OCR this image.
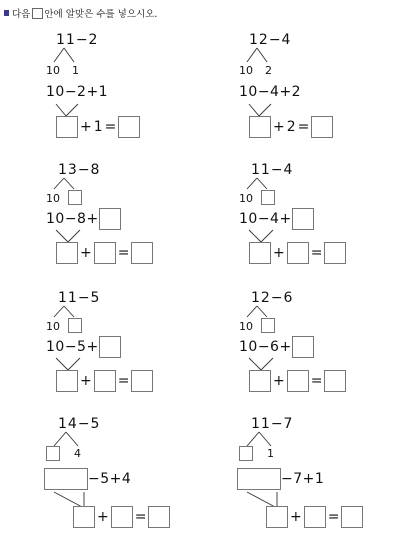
다음 안에 알맞은 수를 넣으시오.
11−2
10 1
10−2+1
+ 1 =
12−4
10 2
10−4+2
+ 2 =
13−8
10
10−8+
+ =
11−4
10
10−4+
+ =
11−5
10
10−5+
+ =
12−6
10
10−6+
+ =
14−5
4
−5+4
+ =
11−7
1
−7+1
+ =
